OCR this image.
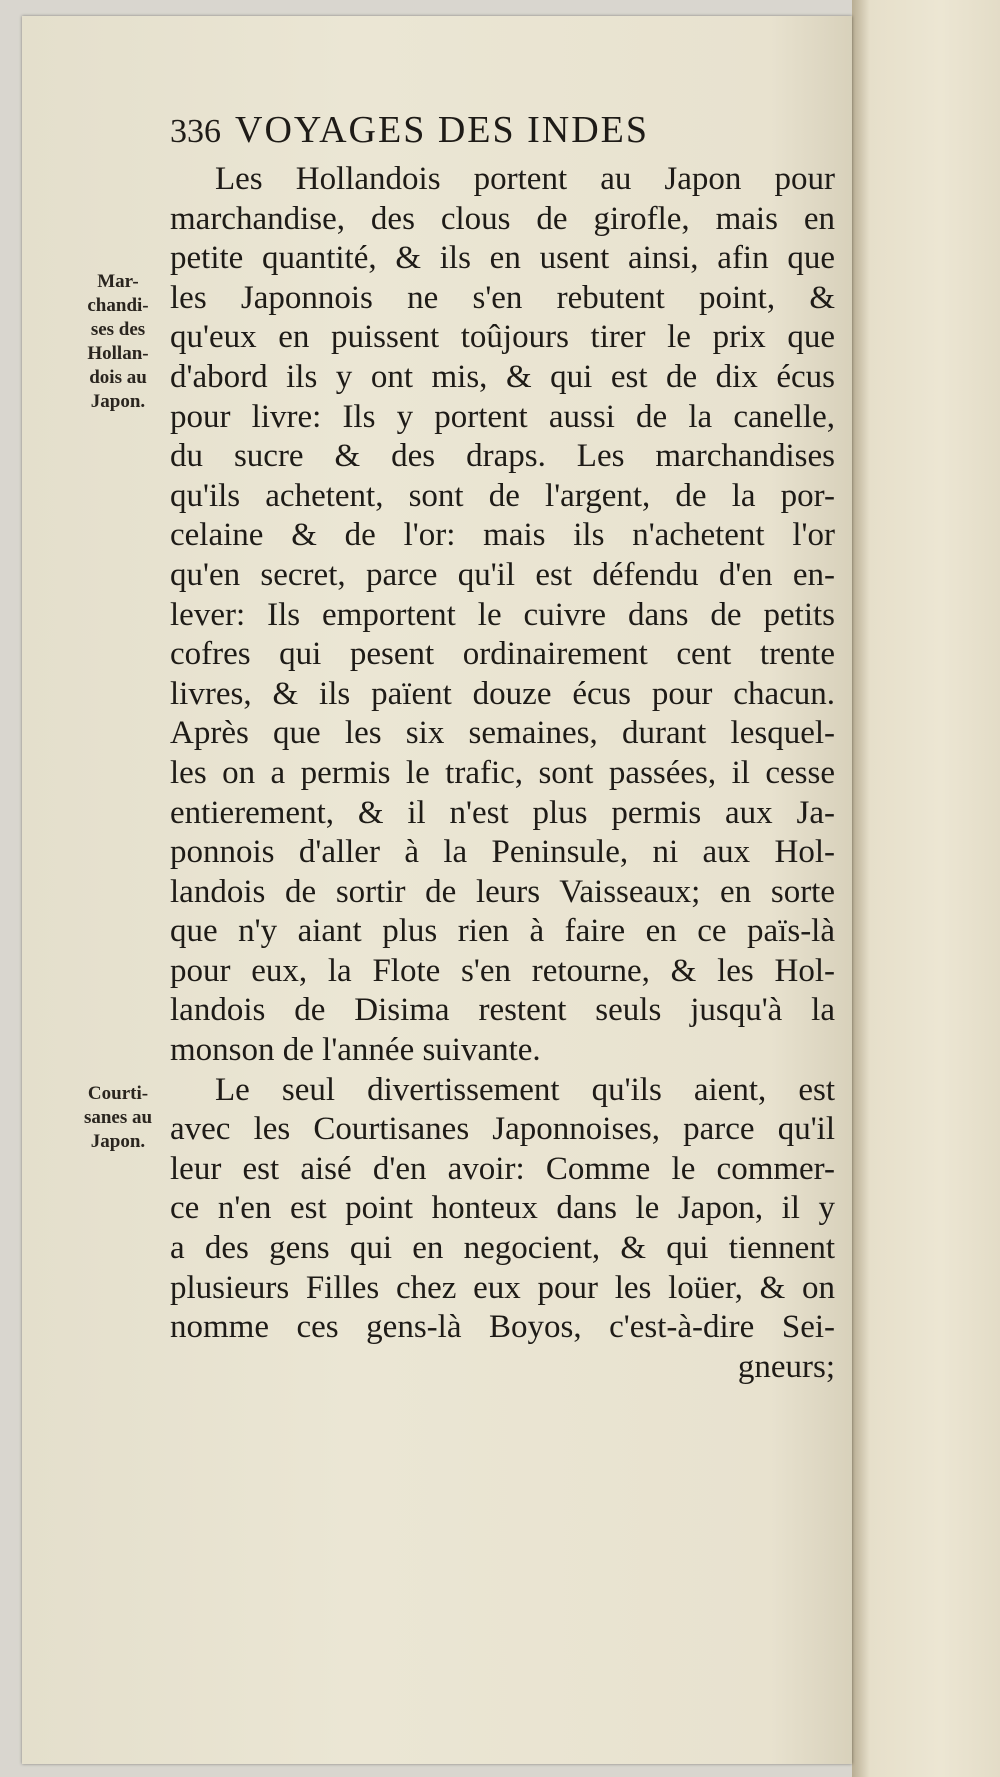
336 VOYAGES DES INDES
Mar-
chandi-
ses des
Hollan-
dois au
Japon.
Courti-
sanes au
Japon.
Les Hollandois portent au Japon pour
marchandise, des clous de girofle, mais en
petite quantité, & ils en usent ainsi, afin que
les Japonnois ne s'en rebutent point, &
qu'eux en puissent toûjours tirer le prix que
d'abord ils y ont mis, & qui est de dix écus
pour livre: Ils y portent aussi de la canelle,
du sucre & des draps. Les marchandises
qu'ils achetent, sont de l'argent, de la por-
celaine & de l'or: mais ils n'achetent l'or
qu'en secret, parce qu'il est défendu d'en en-
lever: Ils emportent le cuivre dans de petits
cofres qui pesent ordinairement cent trente
livres, & ils païent douze écus pour chacun.
Après que les six semaines, durant lesquel-
les on a permis le trafic, sont passées, il cesse
entierement, & il n'est plus permis aux Ja-
ponnois d'aller à la Peninsule, ni aux Hol-
landois de sortir de leurs Vaisseaux; en sorte
que n'y aiant plus rien à faire en ce païs-là
pour eux, la Flote s'en retourne, & les Hol-
landois de Disima restent seuls jusqu'à la
monson de l'année suivante.
Le seul divertissement qu'ils aient, est
avec les Courtisanes Japonnoises, parce qu'il
leur est aisé d'en avoir: Comme le commer-
ce n'en est point honteux dans le Japon, il y
a des gens qui en negocient, & qui tiennent
plusieurs Filles chez eux pour les loüer, & on
nomme ces gens-là Boyos, c'est-à-dire Sei-
gneurs;
